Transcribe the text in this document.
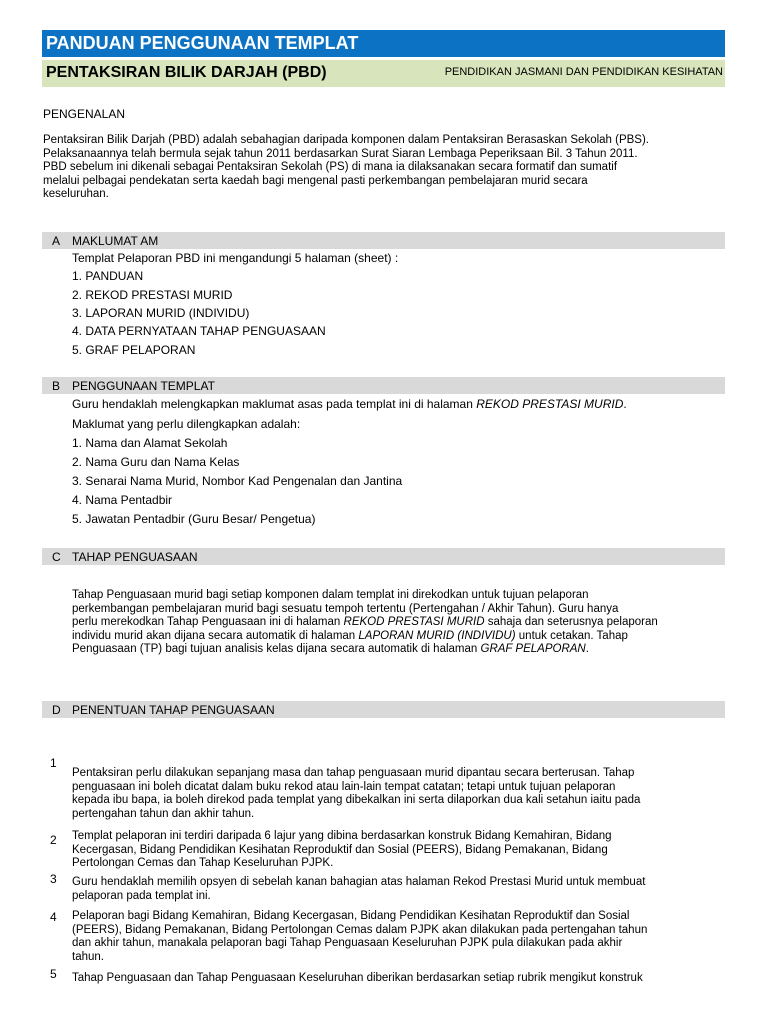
PANDUAN PENGGUNAAN TEMPLAT
PENTAKSIRAN BILIK DARJAH (PBD)	PENDIDIKAN JASMANI DAN PENDIDIKAN KESIHATAN
PENGENALAN
Pentaksiran Bilik Darjah (PBD) adalah sebahagian daripada komponen dalam Pentaksiran Berasaskan Sekolah (PBS).
Pelaksanaannya telah bermula sejak tahun 2011 berdasarkan Surat Siaran Lembaga Peperiksaan Bil. 3 Tahun 2011.
PBD sebelum ini dikenali sebagai Pentaksiran Sekolah (PS) di mana ia dilaksanakan secara formatif dan sumatif
melalui pelbagai pendekatan serta kaedah bagi mengenal pasti perkembangan pembelajaran murid secara
keseluruhan.
A MAKLUMAT AM
Templat Pelaporan PBD ini mengandungi 5 halaman (sheet) :
1. PANDUAN
2. REKOD PRESTASI MURID
3. LAPORAN MURID (INDIVIDU)
4. DATA PERNYATAAN TAHAP PENGUASAAN
5. GRAF PELAPORAN
B PENGGUNAAN TEMPLAT
Guru hendaklah melengkapkan maklumat asas pada templat ini di halaman REKOD PRESTASI MURID.
Maklumat yang perlu dilengkapkan adalah:
1. Nama dan Alamat Sekolah
2. Nama Guru dan Nama Kelas
3. Senarai Nama Murid, Nombor Kad Pengenalan dan Jantina
4. Nama Pentadbir
5. Jawatan Pentadbir (Guru Besar/ Pengetua)
C TAHAP PENGUASAAN
Tahap Penguasaan murid bagi setiap komponen dalam templat ini direkodkan untuk tujuan pelaporan
perkembangan pembelajaran murid bagi sesuatu tempoh tertentu (Pertengahan / Akhir Tahun). Guru hanya
perlu merekodkan Tahap Penguasaan ini di halaman REKOD PRESTASI MURID sahaja dan seterusnya pelaporan
individu murid akan dijana secara automatik di halaman LAPORAN MURID (INDIVIDU) untuk cetakan. Tahap
Penguasaan (TP) bagi tujuan analisis kelas dijana secara automatik di halaman GRAF PELAPORAN.
D PENENTUAN TAHAP PENGUASAAN
1
Pentaksiran perlu dilakukan sepanjang masa dan tahap penguasaan murid dipantau secara berterusan. Tahap
penguasaan ini boleh dicatat dalam buku rekod atau lain-lain tempat catatan; tetapi untuk tujuan pelaporan
kepada ibu bapa, ia boleh direkod pada templat yang dibekalkan ini serta dilaporkan dua kali setahun iaitu pada
pertengahan tahun dan akhir tahun.
2 Templat pelaporan ini terdiri daripada 6 lajur yang dibina berdasarkan konstruk Bidang Kemahiran, Bidang
Kecergasan, Bidang Pendidikan Kesihatan Reproduktif dan Sosial (PEERS), Bidang Pemakanan, Bidang
Pertolongan Cemas dan Tahap Keseluruhan PJPK.
3 Guru hendaklah memilih opsyen di sebelah kanan bahagian atas halaman Rekod Prestasi Murid untuk membuat
pelaporan pada templat ini.
4 Pelaporan bagi Bidang Kemahiran, Bidang Kecergasan, Bidang Pendidikan Kesihatan Reproduktif dan Sosial
(PEERS), Bidang Pemakanan, Bidang Pertolongan Cemas dalam PJPK akan dilakukan pada pertengahan tahun
dan akhir tahun, manakala pelaporan bagi Tahap Penguasaan Keseluruhan PJPK pula dilakukan pada akhir
tahun.
5 Tahap Penguasaan dan Tahap Penguasaan Keseluruhan diberikan berdasarkan setiap rubrik mengikut konstruk
